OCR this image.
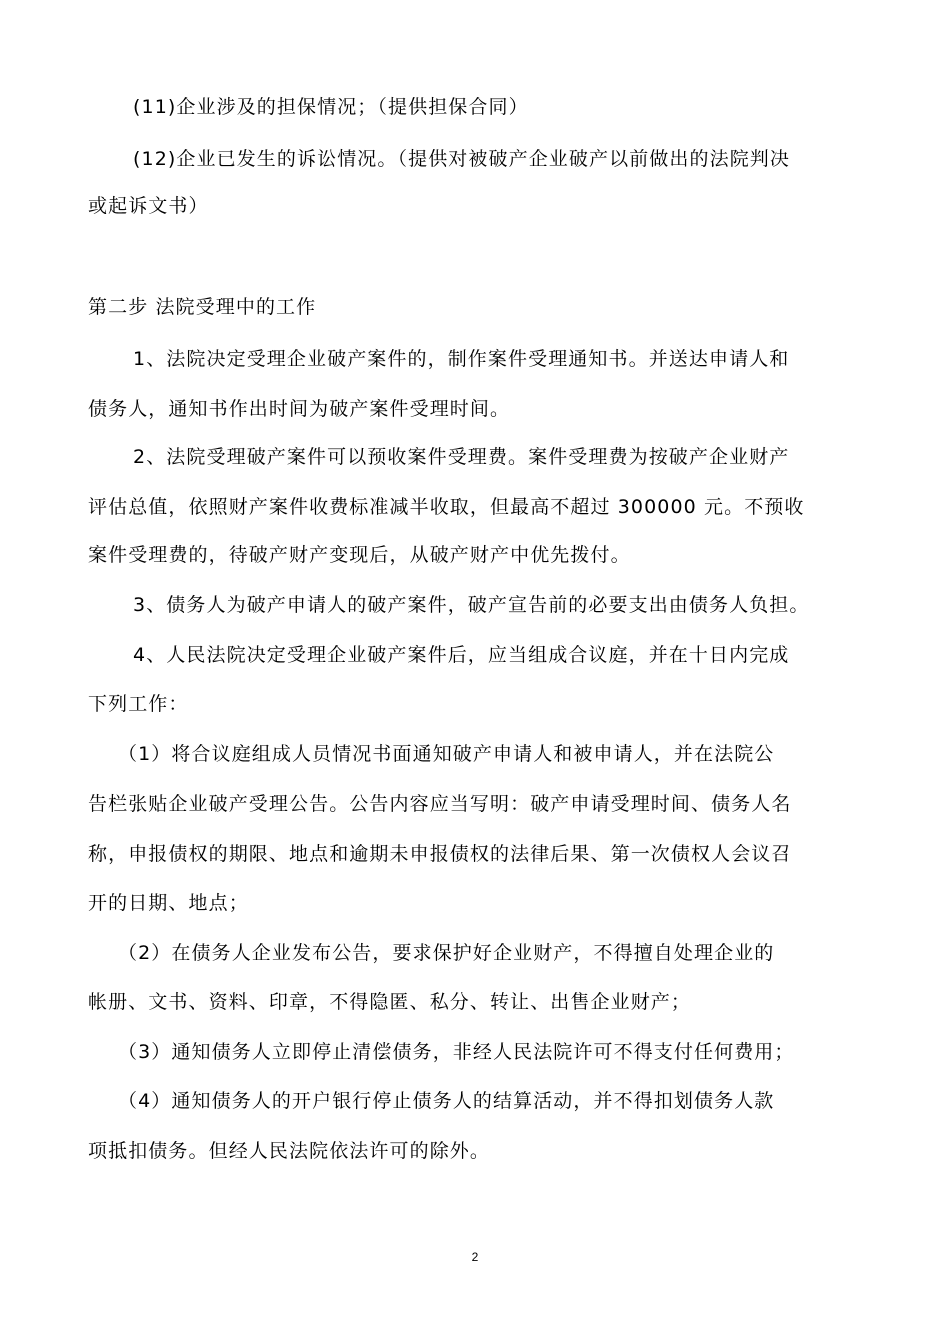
(11)企业涉及的担保情况；（提供担保合同）
(12)企业已发生的诉讼情况。（提供对被破产企业破产以前做出的法院判决
或起诉文书）
第二步 法院受理中的工作
1、法院决定受理企业破产案件的，制作案件受理通知书。并送达申请人和
债务人，通知书作出时间为破产案件受理时间。
2、法院受理破产案件可以预收案件受理费。案件受理费为按破产企业财产
评估总值，依照财产案件收费标准减半收取，但最高不超过 300000 元。不预收
案件受理费的，待破产财产变现后，从破产财产中优先拨付。
3、债务人为破产申请人的破产案件，破产宣告前的必要支出由债务人负担。
4、人民法院决定受理企业破产案件后，应当组成合议庭，并在十日内完成
下列工作：
（1）将合议庭组成人员情况书面通知破产申请人和被申请人，并在法院公
告栏张贴企业破产受理公告。公告内容应当写明：破产申请受理时间、债务人名
称，申报债权的期限、地点和逾期未申报债权的法律后果、第一次债权人会议召
开的日期、地点；
（2）在债务人企业发布公告，要求保护好企业财产，不得擅自处理企业的
帐册、文书、资料、印章，不得隐匿、私分、转让、出售企业财产；
（3）通知债务人立即停止清偿债务，非经人民法院许可不得支付任何费用；
（4）通知债务人的开户银行停止债务人的结算活动，并不得扣划债务人款
项抵扣债务。但经人民法院依法许可的除外。
2
